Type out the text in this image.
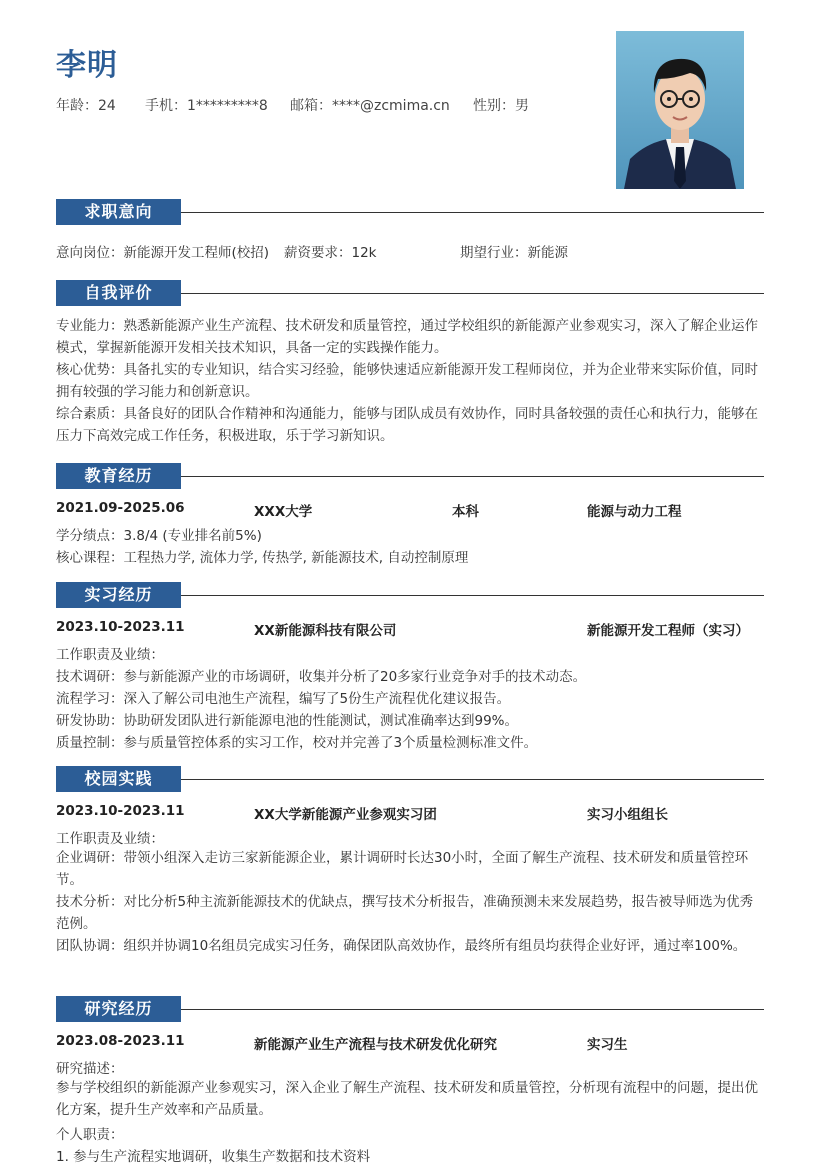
李明
年龄：24 手机：1*********8 邮箱：****@zcmima.cn 性别：男
求职意向
意向岗位：新能源开发工程师(校招) 薪资要求：12k	期望行业：新能源
自我评价
专业能力：熟悉新能源产业生产流程、技术研发和质量管控，通过学校组织的新能源产业参观实习，深入了解企业运作模式，掌握新能源开发相关技术知识，具备一定的实践操作能力。
核心优势：具备扎实的专业知识，结合实习经验，能够快速适应新能源开发工程师岗位，并为企业带来实际价值，同时拥有较强的学习能力和创新意识。
综合素质：具备良好的团队合作精神和沟通能力，能够与团队成员有效协作，同时具备较强的责任心和执行力，能够在压力下高效完成工作任务，积极进取，乐于学习新知识。
教育经历
2021.09-2025.06	XXX大学	本科	能源与动力工程
学分绩点：3.8/4 (专业排名前5%)
核心课程：工程热力学, 流体力学, 传热学, 新能源技术, 自动控制原理
实习经历
2023.10-2023.11	XX新能源科技有限公司	新能源开发工程师（实习）
工作职责及业绩：
技术调研：参与新能源产业的市场调研，收集并分析了20多家行业竞争对手的技术动态。
流程学习：深入了解公司电池生产流程，编写了5份生产流程优化建议报告。
研发协助：协助研发团队进行新能源电池的性能测试，测试准确率达到99%。
质量控制：参与质量管控体系的实习工作，校对并完善了3个质量检测标准文件。
校园实践
2023.10-2023.11	XX大学新能源产业参观实习团	实习小组组长
工作职责及业绩：
企业调研：带领小组深入走访三家新能源企业，累计调研时长达30小时，全面了解生产流程、技术研发和质量管控环节。
技术分析：对比分析5种主流新能源技术的优缺点，撰写技术分析报告，准确预测未来发展趋势，报告被导师选为优秀范例。
团队协调：组织并协调10名组员完成实习任务，确保团队高效协作，最终所有组员均获得企业好评，通过率100%。
研究经历
2023.08-2023.11	新能源产业生产流程与技术研发优化研究	实习生
研究描述：
参与学校组织的新能源产业参观实习，深入企业了解生产流程、技术研发和质量管控，分析现有流程中的问题，提出优化方案，提升生产效率和产品质量。
个人职责：
1. 参与生产流程实地调研，收集生产数据和技术资料
